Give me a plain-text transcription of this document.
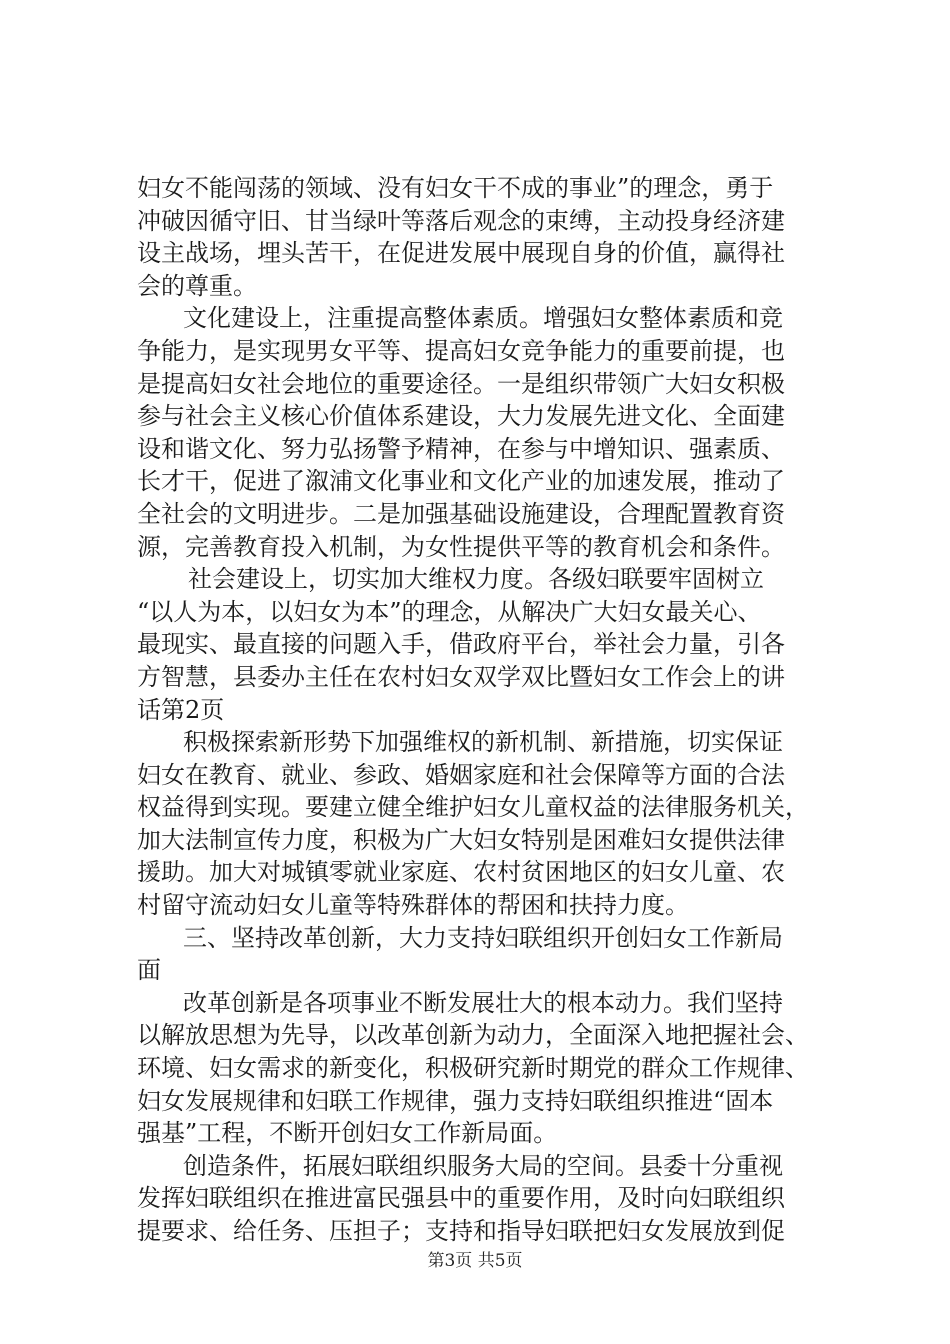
妇女不能闯荡的领域、没有妇女干不成的事业”的理念，勇于
冲破因循守旧、甘当绿叶等落后观念的束缚，主动投身经济建
设主战场，埋头苦干，在促进发展中展现自身的价值，赢得社
会的尊重。
文化建设上，注重提高整体素质。增强妇女整体素质和竞
争能力，是实现男女平等、提高妇女竞争能力的重要前提，也
是提高妇女社会地位的重要途径。一是组织带领广大妇女积极
参与社会主义核心价值体系建设，大力发展先进文化、全面建
设和谐文化、努力弘扬警予精神，在参与中增知识、强素质、
长才干，促进了溆浦文化事业和文化产业的加速发展，推动了
全社会的文明进步。二是加强基础设施建设，合理配置教育资
源，完善教育投入机制，为女性提供平等的教育机会和条件。
社会建设上，切实加大维权力度。各级妇联要牢固树立
“以人为本，以妇女为本”的理念，从解决广大妇女最关心、
最现实、最直接的问题入手，借政府平台，举社会力量，引各
方智慧，县委办主任在农村妇女双学双比暨妇女工作会上的讲
话第2页
积极探索新形势下加强维权的新机制、新措施，切实保证
妇女在教育、就业、参政、婚姻家庭和社会保障等方面的合法
权益得到实现。要建立健全维护妇女儿童权益的法律服务机关，
加大法制宣传力度，积极为广大妇女特别是困难妇女提供法律
援助。加大对城镇零就业家庭、农村贫困地区的妇女儿童、农
村留守流动妇女儿童等特殊群体的帮困和扶持力度。
三、坚持改革创新，大力支持妇联组织开创妇女工作新局
面
改革创新是各项事业不断发展壮大的根本动力。我们坚持
以解放思想为先导，以改革创新为动力，全面深入地把握社会、
环境、妇女需求的新变化，积极研究新时期党的群众工作规律、
妇女发展规律和妇联工作规律，强力支持妇联组织推进“固本
强基”工程，不断开创妇女工作新局面。
创造条件，拓展妇联组织服务大局的空间。县委十分重视
发挥妇联组织在推进富民强县中的重要作用，及时向妇联组织
提要求、给任务、压担子；支持和指导妇联把妇女发展放到促
第3页 共5页
